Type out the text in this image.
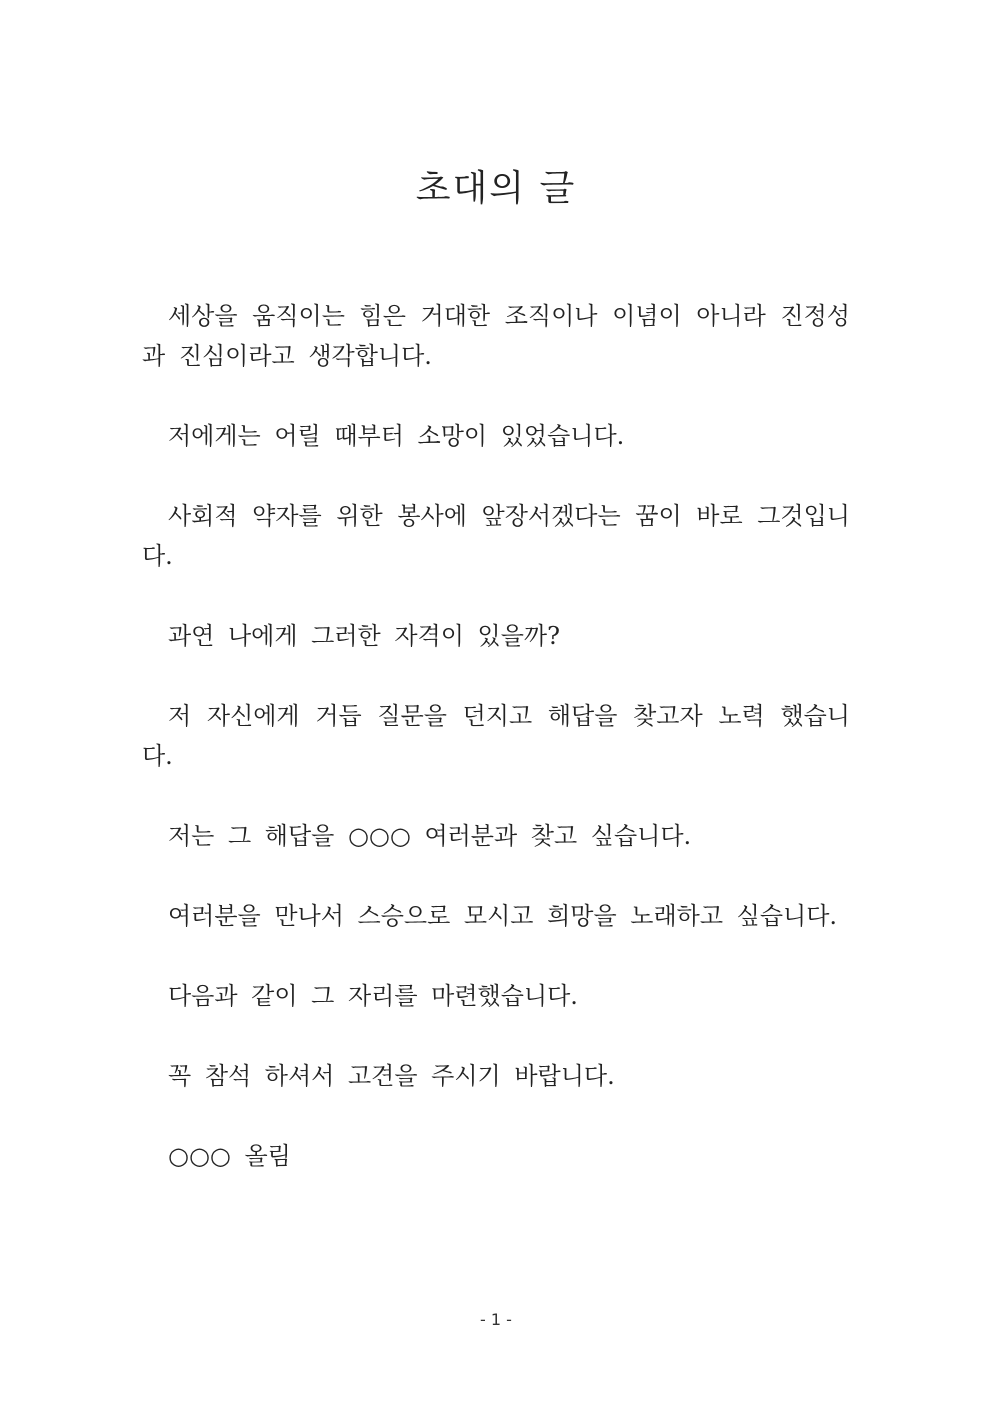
초대의 글

세상을 움직이는 힘은 거대한 조직이나 이념이 아니라 진정성과 진심이라고 생각합니다.

저에게는 어릴 때부터 소망이 있었습니다.

사회적 약자를 위한 봉사에 앞장서겠다는 꿈이 바로 그것입니다.

과연 나에게 그러한 자격이 있을까?

저 자신에게 거듭 질문을 던지고 해답을 찾고자 노력 했습니다.

저는 그 해답을 ○○○ 여러분과 찾고 싶습니다.

여러분을 만나서 스승으로 모시고 희망을 노래하고 싶습니다.

다음과 같이 그 자리를 마련했습니다.

꼭 참석 하셔서 고견을 주시기 바랍니다.

○○○ 올림

- 1 -
